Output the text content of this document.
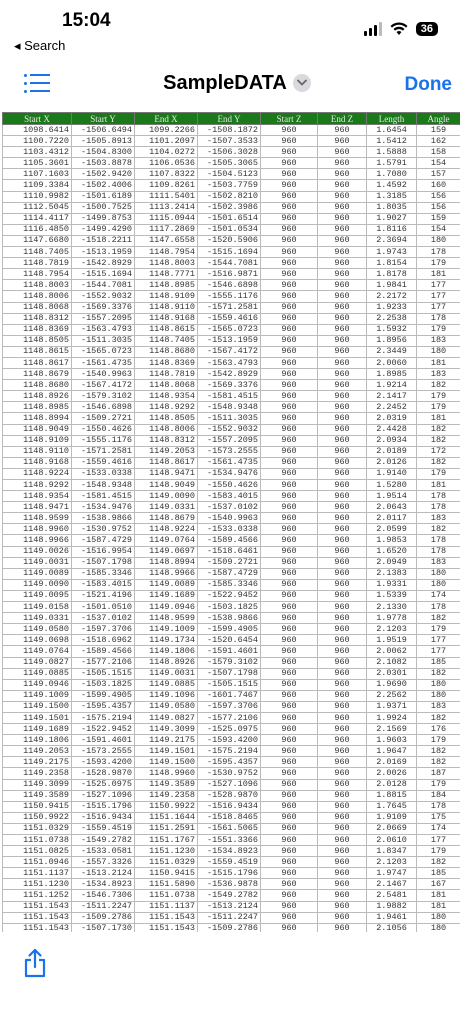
15:04
◂ Search
36
SampleDATA	Done
Start X	Start Y	End X	End Y	Start Z	End Z	Length	Angle
1098.6414	-1506.6494	1099.2266	-1508.1872	960	960	1.6454	159
1100.7220	-1505.8913	1101.2097	-1507.3533	960	960	1.5412	162
1103.4312	-1504.8300	1104.0272	-1506.3028	960	960	1.5888	158
1105.3601	-1503.8878	1106.0536	-1505.3065	960	960	1.5791	154
1107.1603	-1502.9420	1107.8322	-1504.5123	960	960	1.7080	157
1109.3384	-1502.4006	1109.8261	-1503.7759	960	960	1.4592	160
1110.9982	-1501.6189	1111.5401	-1502.8210	960	960	1.3185	156
1112.5045	-1500.7525	1113.2414	-1502.3986	960	960	1.8035	156
1114.4117	-1499.8753	1115.0944	-1501.6514	960	960	1.9027	159
1116.4850	-1499.4290	1117.2869	-1501.0534	960	960	1.8116	154
1147.6680	-1518.2211	1147.6558	-1520.5906	960	960	2.3694	180
1148.7405	-1513.1959	1148.7954	-1515.1694	960	960	1.9743	178
1148.7819	-1542.8929	1148.8003	-1544.7081	960	960	1.8154	179
1148.7954	-1515.1694	1148.7771	-1516.9871	960	960	1.8178	181
1148.8003	-1544.7081	1148.8985	-1546.6898	960	960	1.9841	177
1148.8006	-1552.9032	1148.9109	-1555.1176	960	960	2.2172	177
1148.8068	-1569.3376	1148.9110	-1571.2581	960	960	1.9233	177
1148.8312	-1557.2095	1148.9168	-1559.4616	960	960	2.2538	178
1148.8369	-1563.4793	1148.8615	-1565.0723	960	960	1.5932	179
1148.8505	-1511.3035	1148.7405	-1513.1959	960	960	1.8956	183
1148.8615	-1565.0723	1148.8680	-1567.4172	960	960	2.3449	180
1148.8617	-1561.4735	1148.8369	-1563.4793	960	960	2.0060	181
1148.8679	-1540.9963	1148.7819	-1542.8929	960	960	1.8985	183
1148.8680	-1567.4172	1148.8068	-1569.3376	960	960	1.9214	182
1148.8926	-1579.3102	1148.9354	-1581.4515	960	960	2.1417	179
1148.8985	-1546.6898	1148.9292	-1548.9348	960	960	2.2452	179
1148.8994	-1509.2721	1148.8505	-1511.3035	960	960	2.0319	181
1148.9049	-1550.4626	1148.8006	-1552.9032	960	960	2.4428	182
1148.9109	-1555.1176	1148.8312	-1557.2095	960	960	2.0934	182
1148.9110	-1571.2581	1149.2053	-1573.2555	960	960	2.0189	172
1148.9168	-1559.4616	1148.8617	-1561.4735	960	960	2.0126	182
1148.9224	-1533.0338	1148.9471	-1534.9476	960	960	1.9140	179
1148.9292	-1548.9348	1148.9049	-1550.4626	960	960	1.5280	181
1148.9354	-1581.4515	1149.0090	-1583.4015	960	960	1.9514	178
1148.9471	-1534.9476	1149.0331	-1537.0102	960	960	2.0643	178
1148.9599	-1538.9866	1148.8679	-1540.9963	960	960	2.0117	183
1148.9960	-1530.9752	1148.9224	-1533.0338	960	960	2.0599	182
1148.9966	-1587.4729	1149.0764	-1589.4566	960	960	1.9853	178
1149.0026	-1516.9954	1149.0697	-1518.6461	960	960	1.6520	178
1149.0031	-1507.1798	1148.8994	-1509.2721	960	960	2.0949	183
1149.0089	-1585.3346	1148.9966	-1587.4729	960	960	2.1383	180
1149.0090	-1583.4015	1149.0089	-1585.3346	960	960	1.9331	180
1149.0095	-1521.4196	1149.1689	-1522.9452	960	960	1.5339	174
1149.0158	-1501.0510	1149.0946	-1503.1825	960	960	2.1330	178
1149.0331	-1537.0102	1148.9599	-1538.9866	960	960	1.9778	182
1149.0580	-1597.3706	1149.1009	-1599.4905	960	960	2.1203	179
1149.0698	-1518.6962	1149.1734	-1520.6454	960	960	1.9519	177
1149.0764	-1589.4566	1149.1806	-1591.4601	960	960	2.0062	177
1149.0827	-1577.2106	1148.8926	-1579.3102	960	960	2.1082	185
1149.0885	-1505.1515	1149.0031	-1507.1798	960	960	2.0301	182
1149.0946	-1503.1825	1149.0885	-1505.1515	960	960	1.9690	180
1149.1009	-1599.4905	1149.1096	-1601.7467	960	960	2.2562	180
1149.1500	-1595.4357	1149.0580	-1597.3706	960	960	1.9371	183
1149.1501	-1575.2194	1149.0827	-1577.2106	960	960	1.9924	182
1149.1689	-1522.9452	1149.3099	-1525.0975	960	960	2.1569	176
1149.1806	-1591.4601	1149.2175	-1593.4200	960	960	1.9603	179
1149.2053	-1573.2555	1149.1501	-1575.2194	960	960	1.9647	182
1149.2175	-1593.4200	1149.1500	-1595.4357	960	960	2.0169	182
1149.2358	-1528.9870	1148.9960	-1530.9752	960	960	2.0026	187
1149.3099	-1525.0975	1149.3589	-1527.1096	960	960	2.0128	179
1149.3589	-1527.1096	1149.2358	-1528.9870	960	960	1.8815	184
1150.9415	-1515.1796	1150.9922	-1516.9434	960	960	1.7645	178
1150.9922	-1516.9434	1151.1644	-1518.8465	960	960	1.9109	175
1151.0329	-1559.4519	1151.2591	-1561.5065	960	960	2.0669	174
1151.0738	-1549.2782	1151.1767	-1551.3366	960	960	2.0610	177
1151.0825	-1533.0581	1151.1230	-1534.8923	960	960	1.8347	179
1151.0946	-1557.3326	1151.0329	-1559.4519	960	960	2.1203	182
1151.1137	-1513.2124	1150.9415	-1515.1796	960	960	1.9747	185
1151.1230	-1534.8923	1151.5890	-1536.9878	960	960	2.1467	167
1151.1252	-1546.7306	1151.0738	-1549.2782	960	960	2.5481	181
1151.1543	-1511.2247	1151.1137	-1513.2124	960	960	1.9882	181
1151.1543	-1509.2786	1151.1543	-1511.2247	960	960	1.9461	180
1151.1543	-1507.1730	1151.1543	-1509.2786	960	960	2.1056	180
